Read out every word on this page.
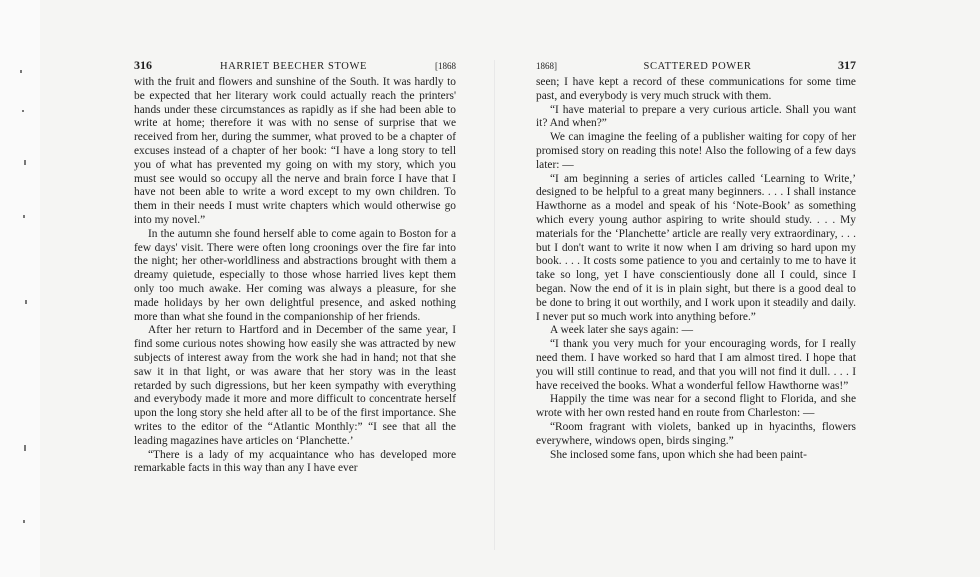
316	HARRIET BEECHER STOWE	[1868

with the fruit and flowers and sunshine of the South. It was hardly to be expected that her literary work could actually reach the printers' hands under these circumstances as rapidly as if she had been able to write at home; therefore it was with no sense of surprise that we received from her, during the summer, what proved to be a chapter of excuses instead of a chapter of her book: “I have a long story to tell you of what has prevented my going on with my story, which you must see would so occupy all the nerve and brain force I have that I have not been able to write a word except to my own children. To them in their needs I must write chapters which would otherwise go into my novel.”

In the autumn she found herself able to come again to Boston for a few days' visit. There were often long croonings over the fire far into the night; her other-worldliness and abstractions brought with them a dreamy quietude, especially to those whose harried lives kept them only too much awake. Her coming was always a pleasure, for she made holidays by her own delightful presence, and asked nothing more than what she found in the companionship of her friends.

After her return to Hartford and in December of the same year, I find some curious notes showing how easily she was attracted by new subjects of interest away from the work she had in hand; not that she saw it in that light, or was aware that her story was in the least retarded by such digressions, but her keen sympathy with everything and everybody made it more and more difficult to concentrate herself upon the long story she held after all to be of the first importance. She writes to the editor of the “Atlantic Monthly:” “I see that all the leading magazines have articles on ‘Planchette.’

“There is a lady of my acquaintance who has developed more remarkable facts in this way than any I have ever

1868]	SCATTERED POWER	317

seen; I have kept a record of these communications for some time past, and everybody is very much struck with them.

“I have material to prepare a very curious article. Shall you want it? And when?”

We can imagine the feeling of a publisher waiting for copy of her promised story on reading this note! Also the following of a few days later: —

“I am beginning a series of articles called ‘Learning to Write,’ designed to be helpful to a great many beginners. . . . I shall instance Hawthorne as a model and speak of his ‘Note-Book’ as something which every young author aspiring to write should study. . . . My materials for the ‘Planchette’ article are really very extraordinary, . . . but I don't want to write it now when I am driving so hard upon my book. . . . It costs some patience to you and certainly to me to have it take so long, yet I have conscientiously done all I could, since I began. Now the end of it is in plain sight, but there is a good deal to be done to bring it out worthily, and I work upon it steadily and daily. I never put so much work into anything before.”

A week later she says again: —

“I thank you very much for your encouraging words, for I really need them. I have worked so hard that I am almost tired. I hope that you will still continue to read, and that you will not find it dull. . . . I have received the books. What a wonderful fellow Hawthorne was!”

Happily the time was near for a second flight to Florida, and she wrote with her own rested hand en route from Charleston: —

“Room fragrant with violets, banked up in hyacinths, flowers everywhere, windows open, birds singing.”

She inclosed some fans, upon which she had been paint-
